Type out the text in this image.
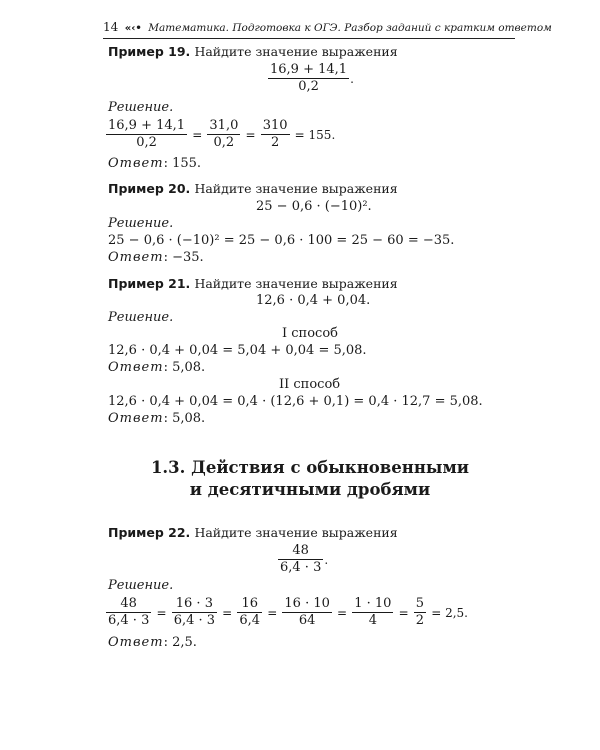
14 «‹• Математика. Подготовка к ОГЭ. Разбор заданий с кратким ответом
Пример 19. Найдите значение выражения
$\frac{16,9 + 14,1}{0,2}$ .
Решение.
$\frac{16,9 + 14,1}{0,2} = \frac{31,0}{0,2} = \frac{310}{2} = 155$.
Ответ: 155.
Пример 20. Найдите значение выражения
25 − 0,6 · (−10)².
Решение.
25 − 0,6 · (−10)² = 25 − 0,6 · 100 = 25 − 60 = −35.
Ответ: −35.
Пример 21. Найдите значение выражения
12,6 · 0,4 + 0,04.
Решение.
I способ
12,6 · 0,4 + 0,04 = 5,04 + 0,04 = 5,08.
Ответ: 5,08.
II способ
12,6 · 0,4 + 0,04 = 0,4 · (12,6 + 0,1) = 0,4 · 12,7 = 5,08.
Ответ: 5,08.
1.3. Действия с обыкновенными
и десятичными дробями
Пример 22. Найдите значение выражения
$\frac{48}{6,4 \cdot 3}$ .
Решение.
$\frac{48}{6,4 \cdot 3} = \frac{16 \cdot 3}{6,4 \cdot 3} = \frac{16}{6,4} = \frac{16 \cdot 10}{64} = \frac{1 \cdot 10}{4} = \frac{5}{2} = 2,5$.
Ответ: 2,5.
